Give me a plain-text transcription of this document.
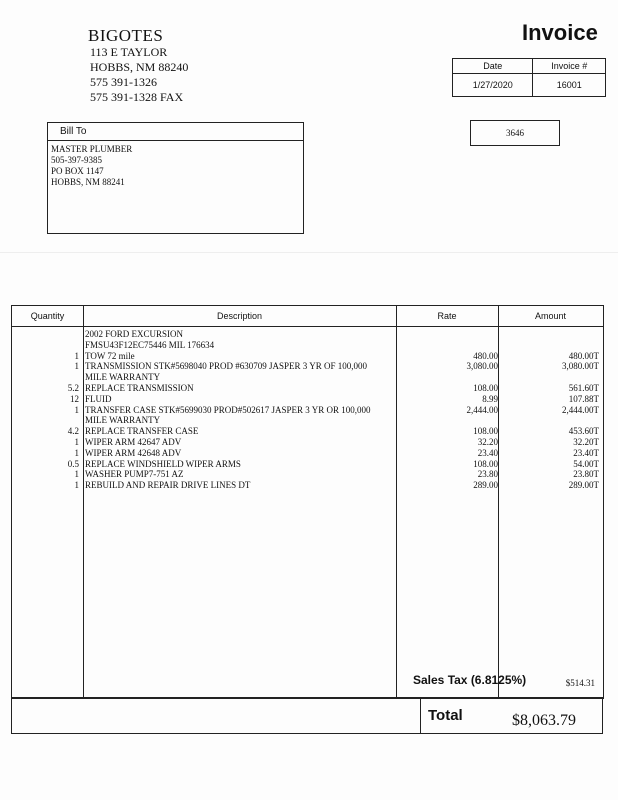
BIGOTES
113 E TAYLOR
HOBBS, NM 88240
575 391-1326
575 391-1328 FAX
Invoice
Date	Invoice #
1/27/2020	16001
Bill To
MASTER PLUMBER
505-397-9385
PO BOX 1147
HOBBS, NM 88241
3646
Quantity	Description	Rate	Amount
2002 FORD EXCURSION
FMSU43F12EC75446 MIL 176634
1 TOW 72 mile	480.00	480.00T
1 TRANSMISSION STK#5698040 PROD #630709 JASPER 3 YR OF 100,000	3,080.00	3,080.00T
MILE WARRANTY
5.2 REPLACE TRANSMISSION	108.00	561.60T
12 FLUID	8.99	107.88T
1 TRANSFER CASE STK#5699030 PROD#502617 JASPER 3 YR OR 100,000	2,444.00	2,444.00T
MILE WARRANTY
4.2 REPLACE TRANSFER CASE	108.00	453.60T
1 WIPER ARM 42647 ADV	32.20	32.20T
1 WIPER ARM 42648 ADV	23.40	23.40T
0.5 REPLACE WINDSHIELD WIPER ARMS	108.00	54.00T
1 WASHER PUMP7-751 AZ	23.80	23.80T
1 REBUILD AND REPAIR DRIVE LINES DT	289.00	289.00T
Sales Tax (6.8125%)	$514.31
Total	$8,063.79
